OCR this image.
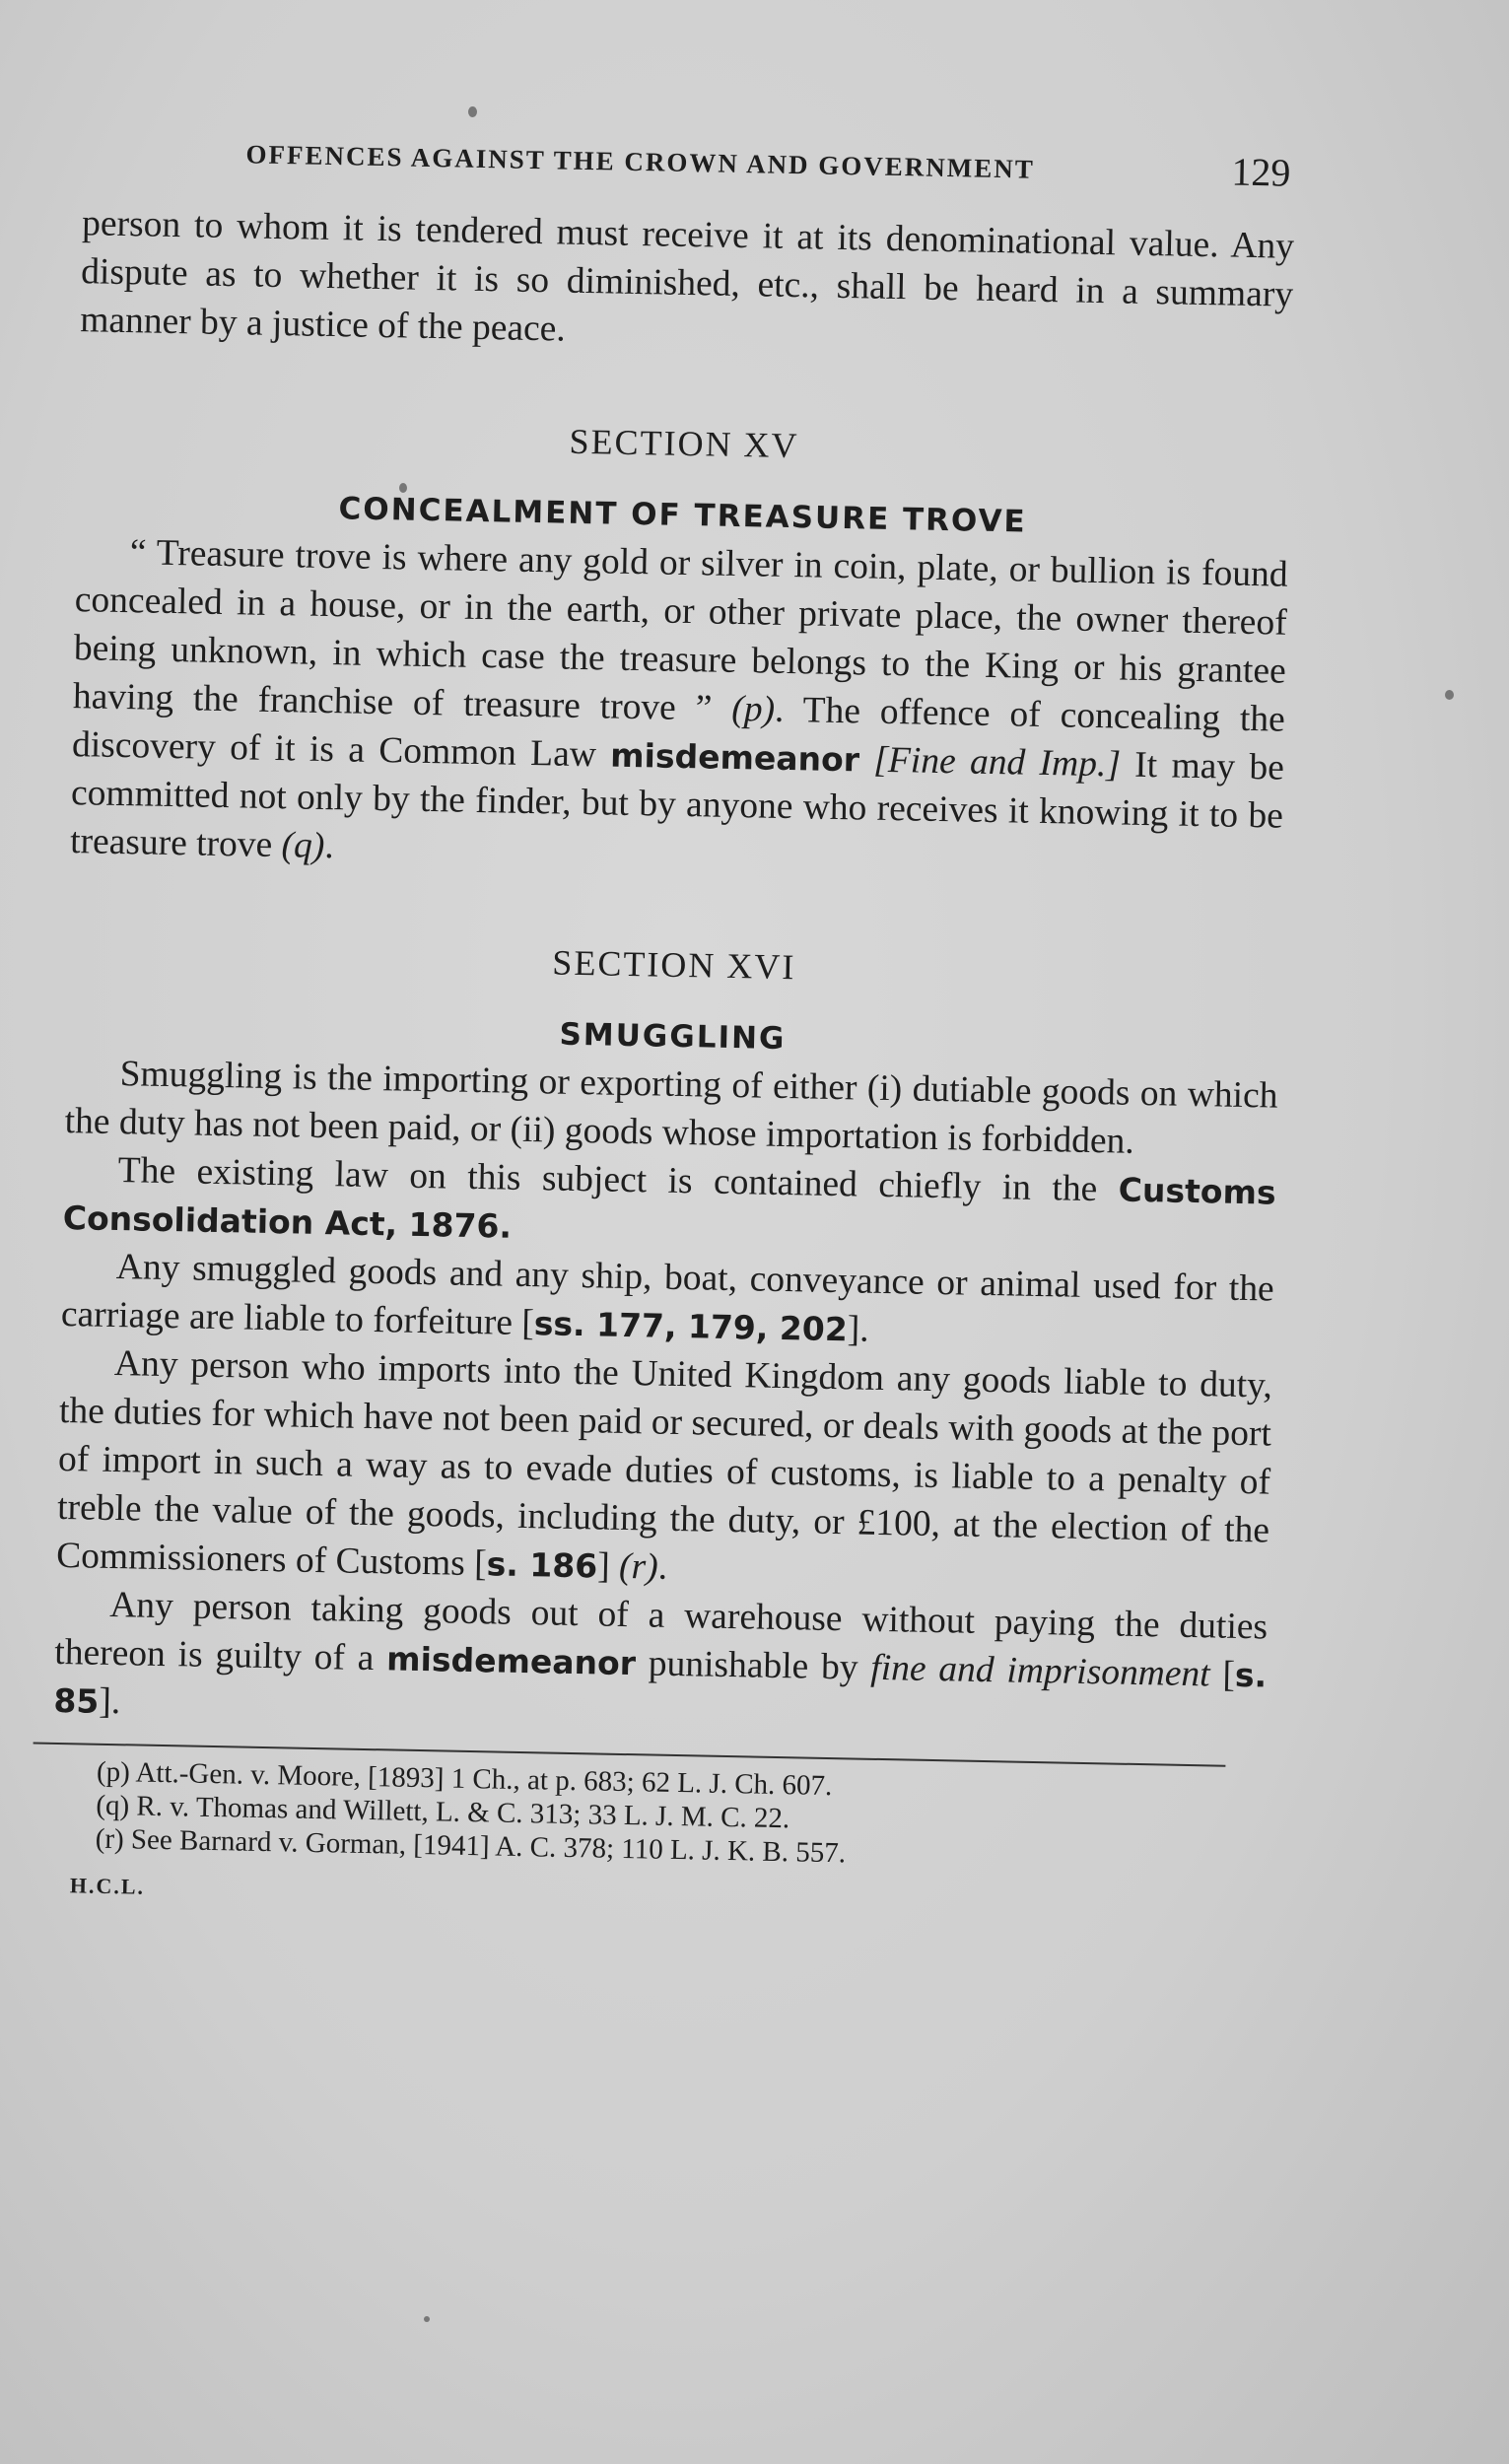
OFFENCES AGAINST THE CROWN AND GOVERNMENT	129

person to whom it is tendered must receive it at its denominational value. Any dispute as to whether it is so diminished, etc., shall be heard in a summary manner by a justice of the peace.

SECTION XV
CONCEALMENT OF TREASURE TROVE

“ Treasure trove is where any gold or silver in coin, plate, or bullion is found concealed in a house, or in the earth, or other private place, the owner thereof being unknown, in which case the treasure belongs to the King or his grantee having the franchise of treasure trove ” (p). The offence of concealing the discovery of it is a Common Law misdemeanor [Fine and Imp.] It may be committed not only by the finder, but by anyone who receives it knowing it to be treasure trove (q).

SECTION XVI
SMUGGLING

Smuggling is the importing or exporting of either (i) dutiable goods on which the duty has not been paid, or (ii) goods whose importation is forbidden.

The existing law on this subject is contained chiefly in the Customs Consolidation Act, 1876.

Any smuggled goods and any ship, boat, conveyance or animal used for the carriage are liable to forfeiture [ss. 177, 179, 202].

Any person who imports into the United Kingdom any goods liable to duty, the duties for which have not been paid or secured, or deals with goods at the port of import in such a way as to evade duties of customs, is liable to a penalty of treble the value of the goods, including the duty, or £100, at the election of the Commissioners of Customs [s. 186] (r).

Any person taking goods out of a warehouse without paying the duties thereon is guilty of a misdemeanor punishable by fine and imprisonment [s. 85].

(p) Att.-Gen. v. Moore, [1893] 1 Ch., at p. 683; 62 L. J. Ch. 607.
(q) R. v. Thomas and Willett, L. & C. 313; 33 L. J. M. C. 22.
(r) See Barnard v. Gorman, [1941] A. C. 378; 110 L. J. K. B. 557.
H.C.L.
